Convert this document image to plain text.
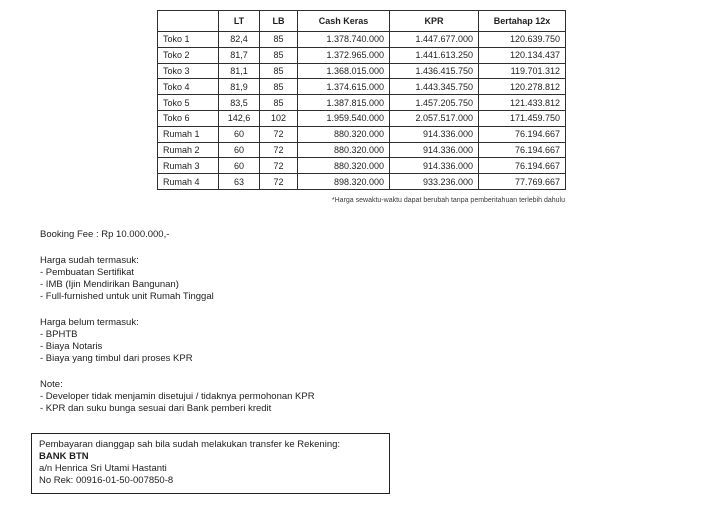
	LT	LB	Cash Keras	KPR	Bertahap 12x
Toko 1	82,4	85	1.378.740.000	1.447.677.000	120.639.750
Toko 2	81,7	85	1.372.965.000	1.441.613.250	120.134.437
Toko 3	81,1	85	1.368.015.000	1.436.415.750	119.701.312
Toko 4	81,9	85	1.374.615.000	1.443.345.750	120.278.812
Toko 5	83,5	85	1.387.815.000	1.457.205.750	121.433.812
Toko 6	142,6	102	1.959.540.000	2.057.517.000	171.459.750
Rumah 1	60	72	880.320.000	914.336.000	76.194.667
Rumah 2	60	72	880.320.000	914.336.000	76.194.667
Rumah 3	60	72	880.320.000	914.336.000	76.194.667
Rumah 4	63	72	898.320.000	933.236.000	77.769.667
*Harga sewaktu-waktu dapat berubah tanpa pemberitahuan terlebih dahulu

Booking Fee : Rp 10.000.000,-

Harga sudah termasuk:

- Pembuatan Sertifikat

- IMB (Ijin Mendirikan Bangunan)

- Full-furnished untuk unit Rumah Tinggal

Harga belum termasuk:

- BPHTB

- Biaya Notaris

- Biaya yang timbul dari proses KPR

Note:

- Developer tidak menjamin disetujui / tidaknya permohonan KPR

- KPR dan suku bunga sesuai dari Bank pemberi kredit

Pembayaran dianggap sah bila sudah melakukan transfer ke Rekening:

BANK BTN

a/n Henrica Sri Utami Hastanti

No Rek: 00916-01-50-007850-8
